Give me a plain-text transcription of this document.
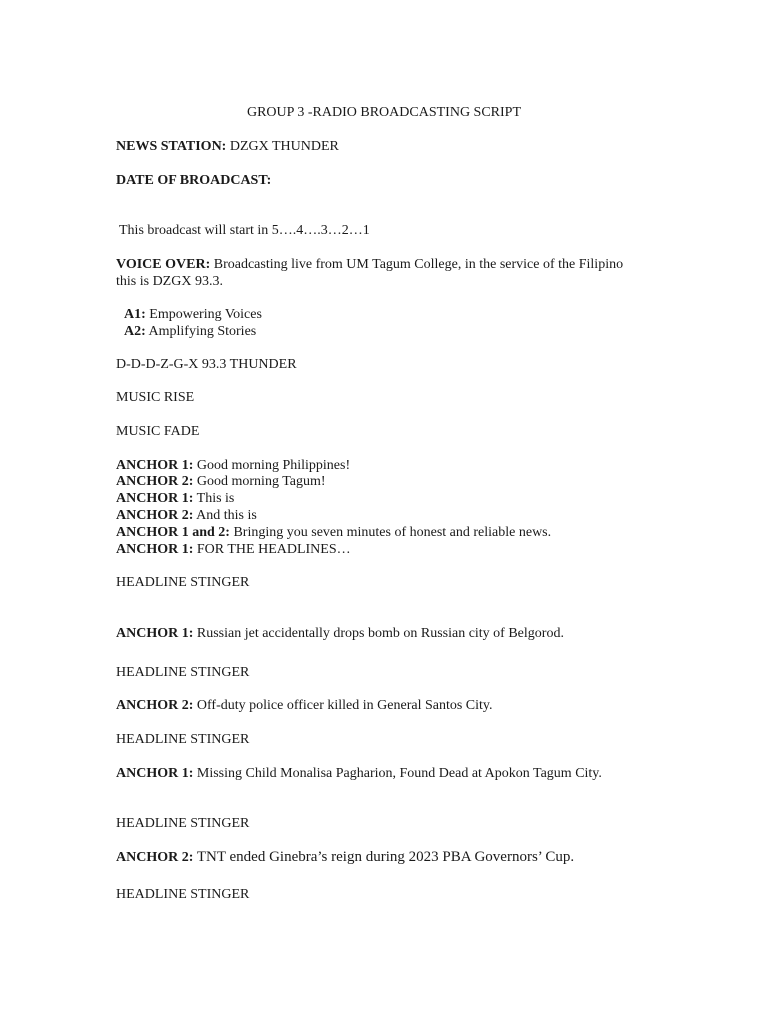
GROUP 3 -RADIO BROADCASTING SCRIPT

NEWS STATION: DZGX THUNDER

DATE OF BROADCAST:

This broadcast will start in 5….4….3…2…1

VOICE OVER: Broadcasting live from UM Tagum College, in the service of the Filipino this is DZGX 93.3.

A1: Empowering Voices

A2: Amplifying Stories

D-D-D-Z-G-X 93.3 THUNDER

MUSIC RISE

MUSIC FADE

ANCHOR 1: Good morning Philippines!

ANCHOR 2: Good morning Tagum!

ANCHOR 1: This is

ANCHOR 2: And this is

ANCHOR 1 and 2: Bringing you seven minutes of honest and reliable news.

ANCHOR 1: FOR THE HEADLINES…

HEADLINE STINGER

ANCHOR 1: Russian jet accidentally drops bomb on Russian city of Belgorod.

HEADLINE STINGER

ANCHOR 2: Off-duty police officer killed in General Santos City.

HEADLINE STINGER

ANCHOR 1: Missing Child Monalisa Pagharion, Found Dead at Apokon Tagum City.

HEADLINE STINGER

ANCHOR 2: TNT ended Ginebra’s reign during 2023 PBA Governors’ Cup.

HEADLINE STINGER
